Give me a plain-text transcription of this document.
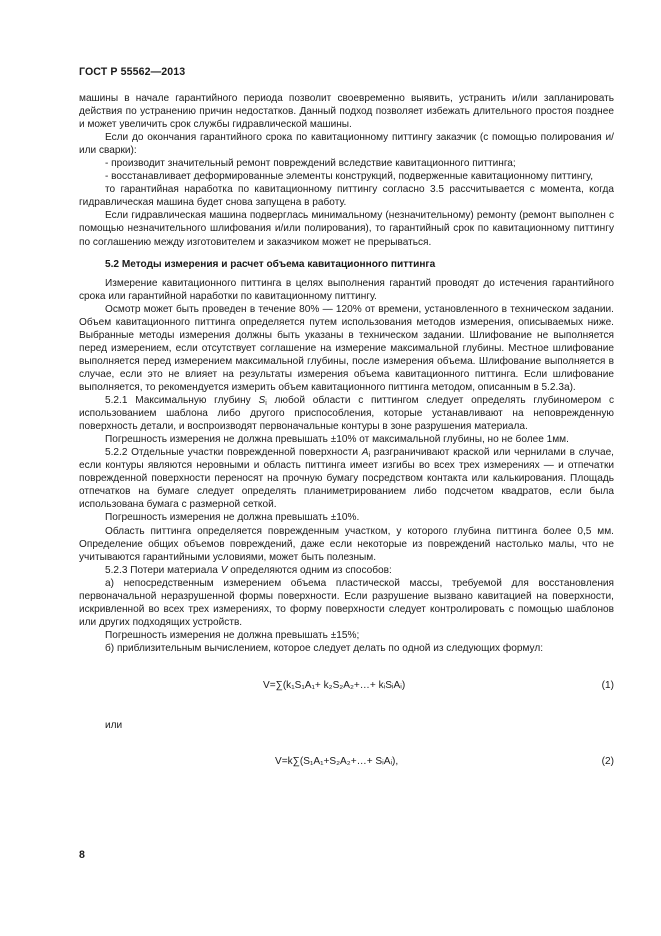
ГОСТ Р 55562—2013

машины в начале гарантийного периода позволит своевременно выявить, устранить и/или запланировать действия по устранению причин недостатков. Данный подход позволяет избежать длительного простоя позднее и может увеличить срок службы гидравлической машины.

Если до окончания гарантийного срока по кавитационному питтингу заказчик (с помощью полирования и/или сварки):

- производит значительный ремонт повреждений вследствие кавитационного питтинга;

- восстанавливает деформированные элементы конструкций, подверженные кавитационному питтингу,

то гарантийная наработка по кавитационному питтингу согласно 3.5 рассчитывается с момента, когда гидравлическая машина будет снова запущена в работу.

Если гидравлическая машина подверглась минимальному (незначительному) ремонту (ремонт выполнен с помощью незначительного шлифования и/или полирования), то гарантийный срок по кавитационному питтингу по соглашению между изготовителем и заказчиком может не прерываться.

5.2 Методы измерения и расчет объема кавитационного питтинга

Измерение кавитационного питтинга в целях выполнения гарантий проводят до истечения гарантийного срока или гарантийной наработки по кавитационному питтингу.

Осмотр может быть проведен в течение 80% — 120% от времени, установленного в техническом задании. Объем кавитационного питтинга определяется путем использования методов измерения, описываемых ниже. Выбранные методы измерения должны быть указаны в техническом задании. Шлифование не выполняется перед измерением, если отсутствует соглашение на измерение максимальной глубины. Местное шлифование выполняется перед измерением максимальной глубины, после измерения объема. Шлифование выполняется в случае, если это не влияет на результаты измерения объема кавитационного питтинга. Если шлифование выполняется, то рекомендуется измерить объем кавитационного питтинга методом, описанным в 5.2.3а).

5.2.1 Максимальную глубину $S_i$ любой области с питтингом следует определять глубиномером с использованием шаблона либо другого приспособления, которые устанавливают на неповрежденную поверхность детали, и воспроизводят первоначальные контуры в зоне разрушения материала.

Погрешность измерения не должна превышать ±10% от максимальной глубины, но не более 1мм.

5.2.2 Отдельные участки поврежденной поверхности $A_i$ разграничивают краской или чернилами в случае, если контуры являются неровными и область питтинга имеет изгибы во всех трех измерениях — и отпечатки поврежденной поверхности переносят на прочную бумагу посредством контакта или калькирования. Площадь отпечатков на бумаге следует определять планиметрированием либо подсчетом квадратов, если была использована бумага с размерной сеткой.

Погрешность измерения не должна превышать ±10%.

Область питтинга определяется поврежденным участком, у которого глубина питтинга более 0,5 мм. Определение общих объемов повреждений, даже если некоторые из повреждений настолько малы, что не учитываются гарантийными условиями, может быть полезным.

5.2.3 Потери материала V определяются одним из способов:

а) непосредственным измерением объема пластической массы, требуемой для восстановления первоначальной неразрушенной формы поверхности. Если разрушение вызвано кавитацией на поверхности, искривленной во всех трех измерениях, то форму поверхности следует контролировать с помощью шаблонов или других подходящих устройств.

Погрешность измерения не должна превышать ±15%;

б) приблизительным вычислением, которое следует делать по одной из следующих формул:

V=∑(k₁S₁A₁+ k₂S₂A₂+…+ kᵢSᵢAᵢ)	(1)

или

V=k∑(S₁A₁+S₂A₂+…+ SᵢAᵢ),	(2)
8
